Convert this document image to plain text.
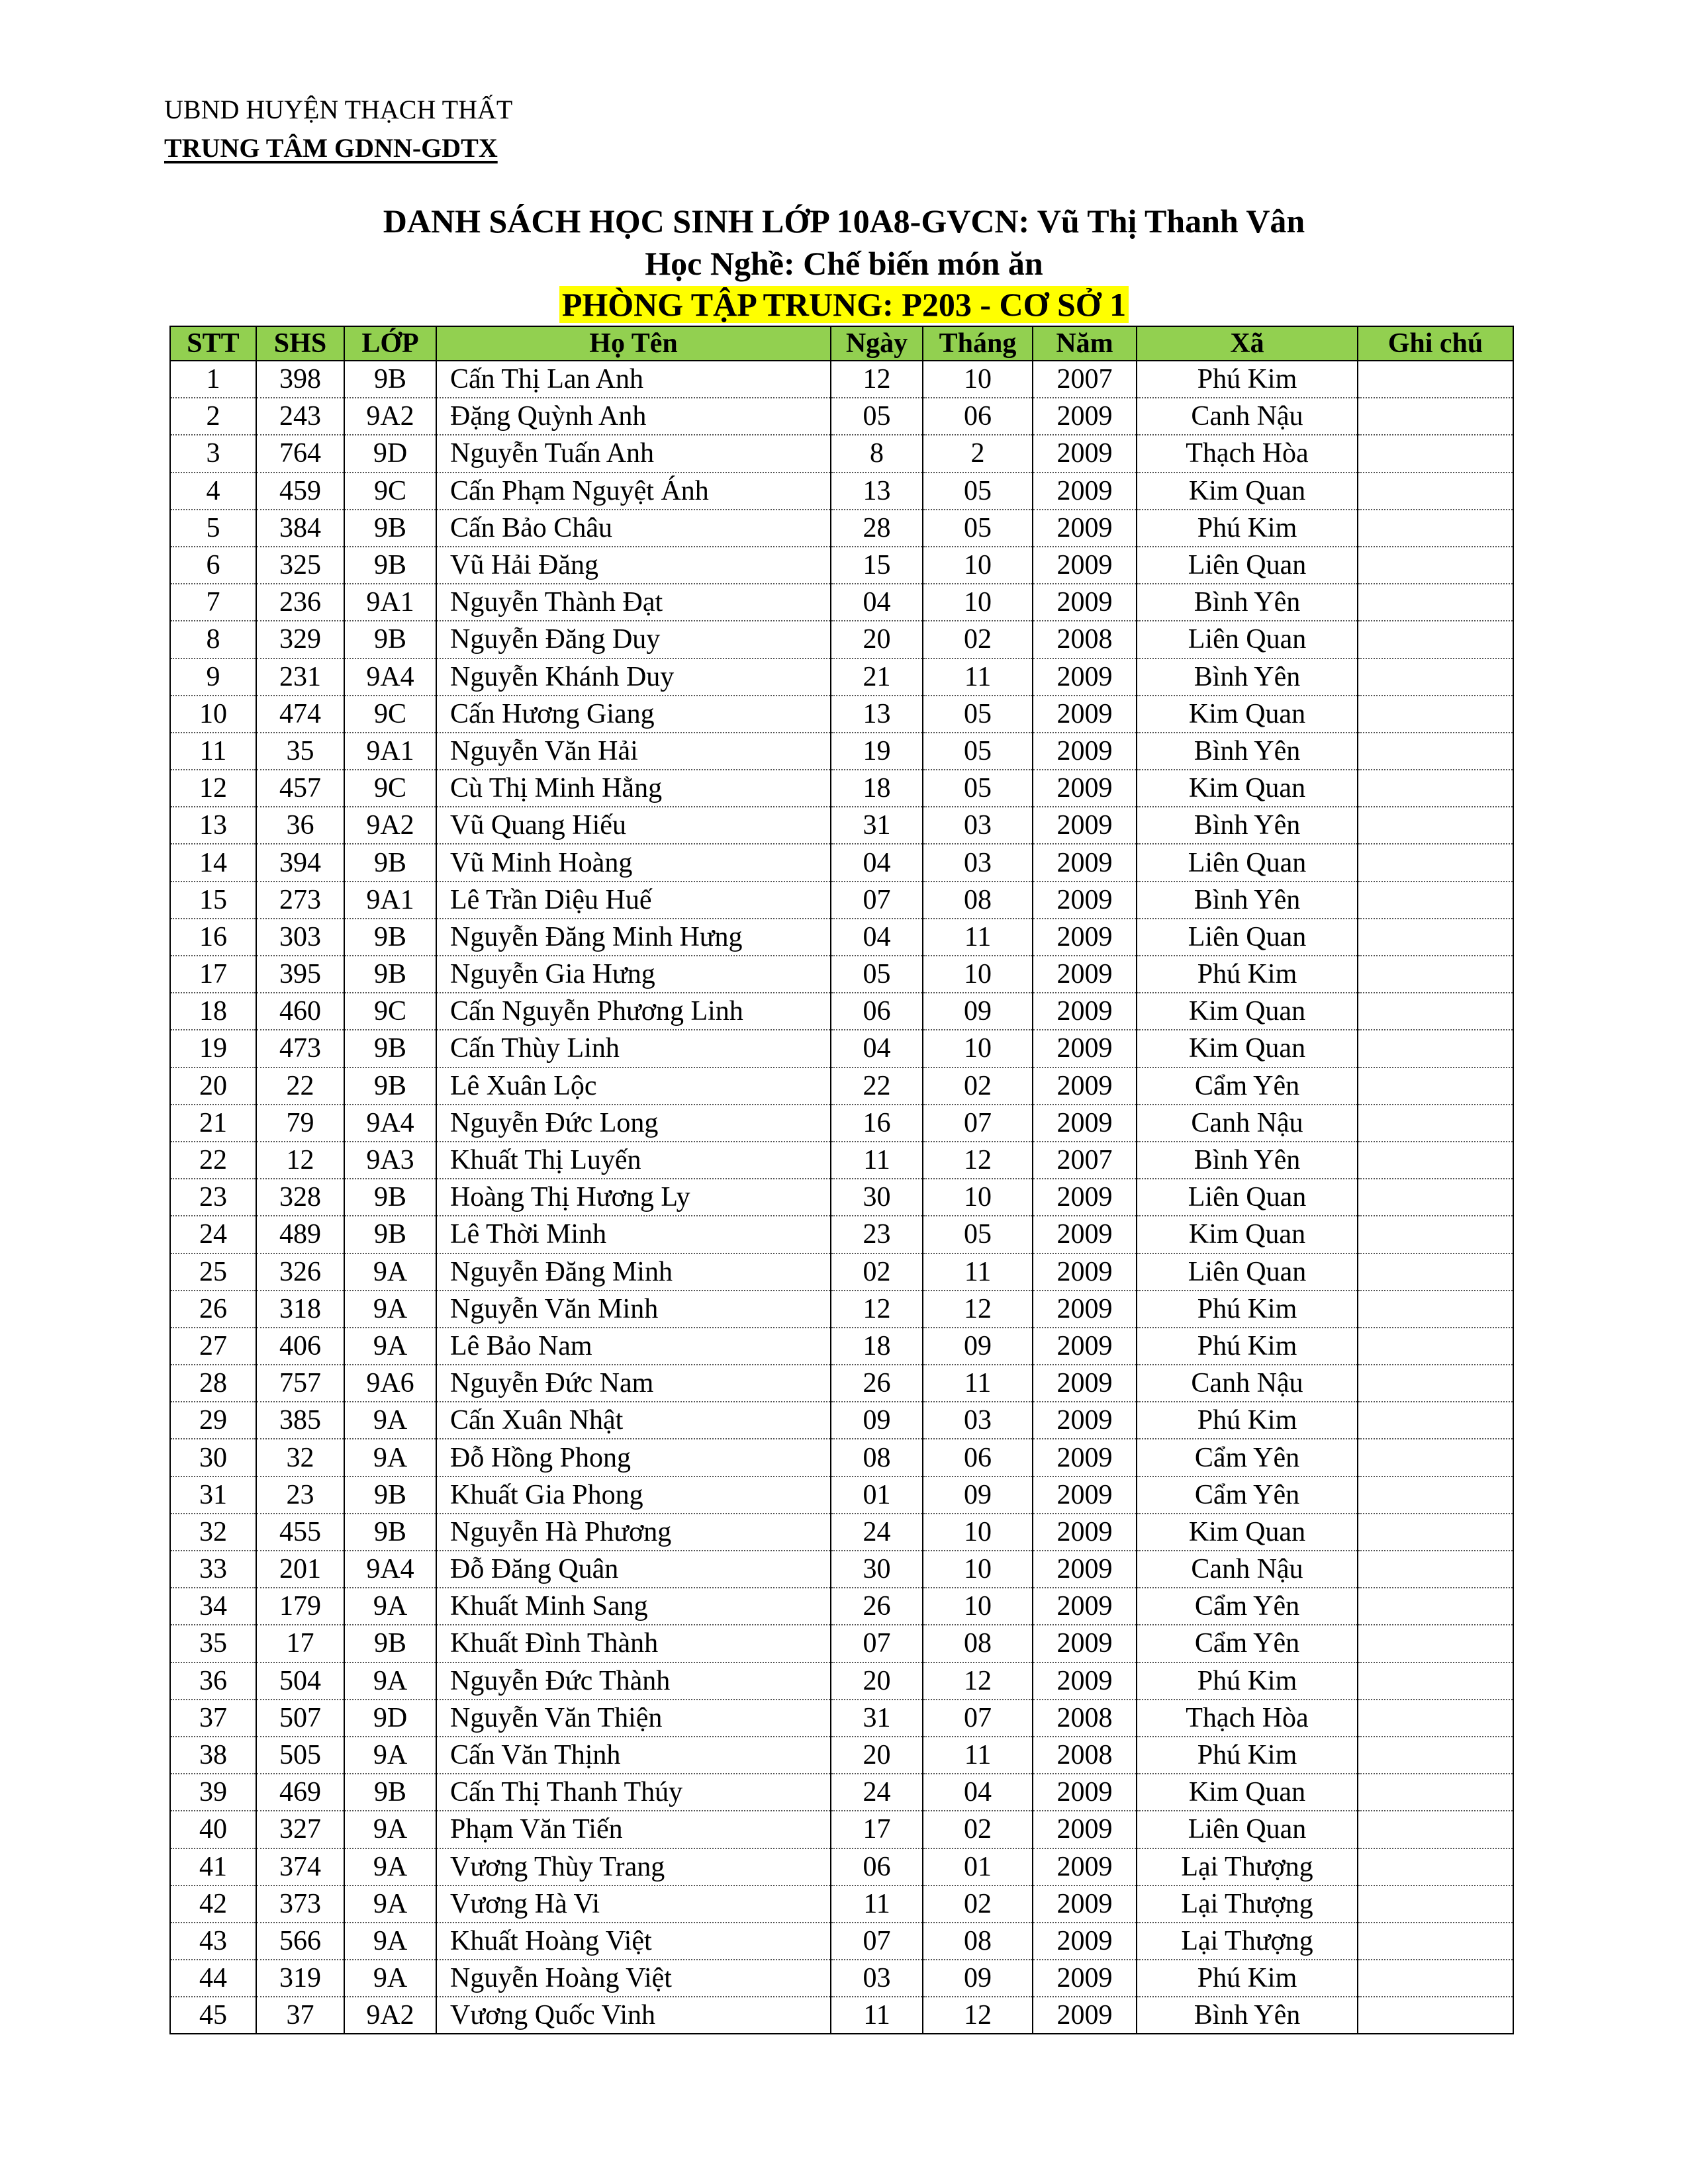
UBND HUYỆN THẠCH THẤT
TRUNG TÂM GDNN-GDTX
DANH SÁCH HỌC SINH LỚP 10A8-GVCN: Vũ Thị Thanh Vân
Học Nghề: Chế biến món ăn
PHÒNG TẬP TRUNG: P203 - CƠ SỞ 1
STT	SHS	LỚP	Họ Tên	Ngày	Tháng	Năm	Xã	Ghi chú
1	398	9B	Cấn Thị Lan Anh	12	10	2007	Phú Kim	
2	243	9A2	Đặng Quỳnh Anh	05	06	2009	Canh Nậu	
3	764	9D	Nguyễn Tuấn Anh	8	2	2009	Thạch Hòa	
4	459	9C	Cấn Phạm Nguyệt Ánh	13	05	2009	Kim Quan	
5	384	9B	Cấn Bảo Châu	28	05	2009	Phú Kim	
6	325	9B	Vũ Hải Đăng	15	10	2009	Liên Quan	
7	236	9A1	Nguyễn Thành Đạt	04	10	2009	Bình Yên	
8	329	9B	Nguyễn Đăng Duy	20	02	2008	Liên Quan	
9	231	9A4	Nguyễn Khánh Duy	21	11	2009	Bình Yên	
10	474	9C	Cấn Hương Giang	13	05	2009	Kim Quan	
11	35	9A1	Nguyễn Văn Hải	19	05	2009	Bình Yên	
12	457	9C	Cù Thị Minh Hằng	18	05	2009	Kim Quan	
13	36	9A2	Vũ Quang Hiếu	31	03	2009	Bình Yên	
14	394	9B	Vũ Minh Hoàng	04	03	2009	Liên Quan	
15	273	9A1	Lê Trần Diệu Huế	07	08	2009	Bình Yên	
16	303	9B	Nguyễn Đăng Minh Hưng	04	11	2009	Liên Quan	
17	395	9B	Nguyễn Gia Hưng	05	10	2009	Phú Kim	
18	460	9C	Cấn Nguyễn Phương Linh	06	09	2009	Kim Quan	
19	473	9B	Cấn Thùy Linh	04	10	2009	Kim Quan	
20	22	9B	Lê Xuân Lộc	22	02	2009	Cẩm Yên	
21	79	9A4	Nguyễn Đức Long	16	07	2009	Canh Nậu	
22	12	9A3	Khuất Thị Luyến	11	12	2007	Bình Yên	
23	328	9B	Hoàng Thị Hương Ly	30	10	2009	Liên Quan	
24	489	9B	Lê Thời Minh	23	05	2009	Kim Quan	
25	326	9A	Nguyễn Đăng Minh	02	11	2009	Liên Quan	
26	318	9A	Nguyễn Văn Minh	12	12	2009	Phú Kim	
27	406	9A	Lê Bảo Nam	18	09	2009	Phú Kim	
28	757	9A6	Nguyễn Đức Nam	26	11	2009	Canh Nậu	
29	385	9A	Cấn Xuân Nhật	09	03	2009	Phú Kim	
30	32	9A	Đỗ Hồng Phong	08	06	2009	Cẩm Yên	
31	23	9B	Khuất Gia Phong	01	09	2009	Cẩm Yên	
32	455	9B	Nguyễn Hà Phương	24	10	2009	Kim Quan	
33	201	9A4	Đỗ Đăng Quân	30	10	2009	Canh Nậu	
34	179	9A	Khuất Minh Sang	26	10	2009	Cẩm Yên	
35	17	9B	Khuất Đình Thành	07	08	2009	Cẩm Yên	
36	504	9A	Nguyễn Đức Thành	20	12	2009	Phú Kim	
37	507	9D	Nguyễn Văn Thiện	31	07	2008	Thạch Hòa	
38	505	9A	Cấn Văn Thịnh	20	11	2008	Phú Kim	
39	469	9B	Cấn Thị Thanh Thúy	24	04	2009	Kim Quan	
40	327	9A	Phạm Văn Tiến	17	02	2009	Liên Quan	
41	374	9A	Vương Thùy Trang	06	01	2009	Lại Thượng	
42	373	9A	Vương Hà Vi	11	02	2009	Lại Thượng	
43	566	9A	Khuất Hoàng Việt	07	08	2009	Lại Thượng	
44	319	9A	Nguyễn Hoàng Việt	03	09	2009	Phú Kim	
45	37	9A2	Vương Quốc Vinh	11	12	2009	Bình Yên	
